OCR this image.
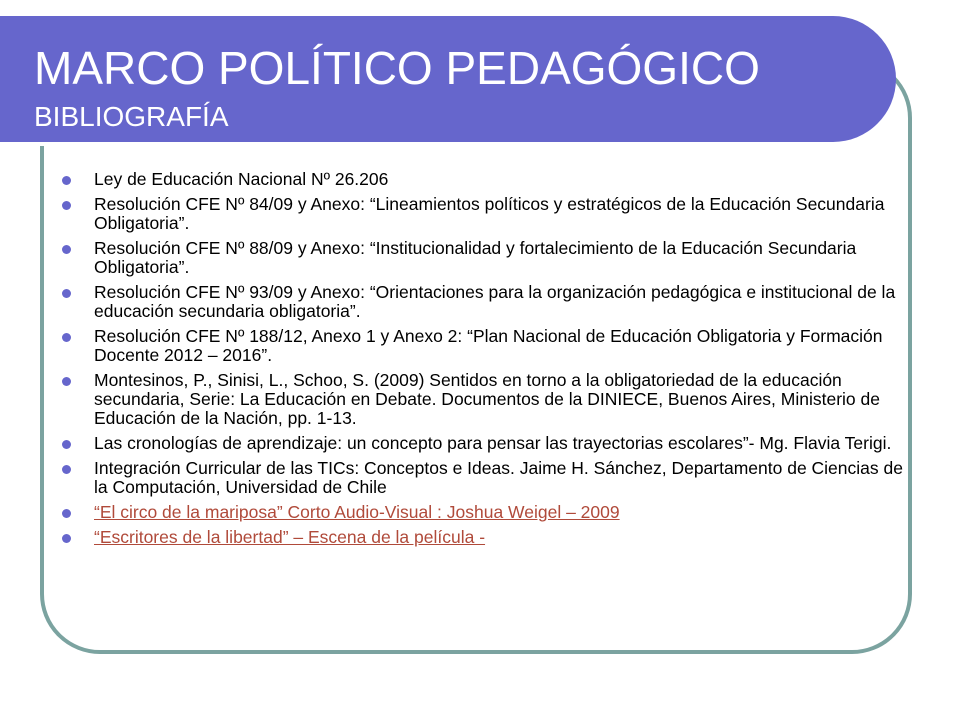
MARCO POLÍTICO PEDAGÓGICO
BIBLIOGRAFÍA
Ley de Educación Nacional Nº 26.206
Resolución CFE Nº 84/09 y Anexo: “Lineamientos políticos y estratégicos de la Educación Secundaria Obligatoria”.
Resolución CFE Nº 88/09 y Anexo: “Institucionalidad y fortalecimiento de la Educación Secundaria Obligatoria”.
Resolución CFE Nº 93/09 y Anexo: “Orientaciones para la organización pedagógica e institucional de la educación secundaria obligatoria”.
Resolución CFE Nº 188/12, Anexo 1 y Anexo 2: “Plan Nacional de Educación Obligatoria y Formación Docente 2012 – 2016”.
Montesinos, P., Sinisi, L., Schoo, S. (2009) Sentidos en torno a la obligatoriedad de la educación secundaria, Serie: La Educación en Debate. Documentos de la DINIECE, Buenos Aires, Ministerio de Educación de la Nación, pp. 1-13.
Las cronologías de aprendizaje: un concepto para pensar las trayectorias escolares”- Mg. Flavia Terigi.
Integración Curricular de las TICs: Conceptos e Ideas. Jaime H. Sánchez, Departamento de Ciencias de la Computación, Universidad de Chile
“El circo de la mariposa” Corto Audio-Visual : Joshua Weigel – 2009
“Escritores de la libertad” – Escena de la película -
